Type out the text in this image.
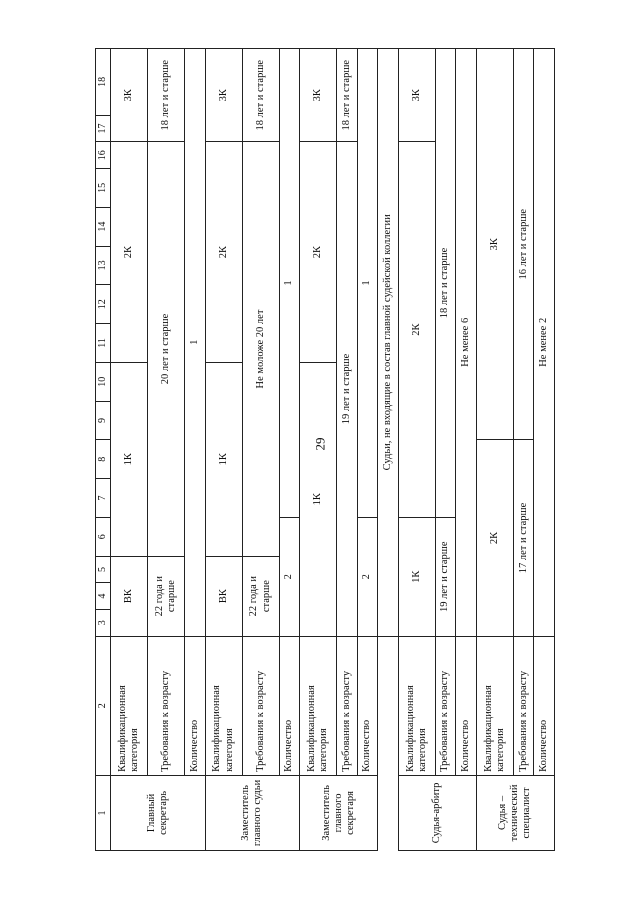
29
1	2	3	4	5	6	7	8	9	10	11	12	13	14	15	16	17	18
Главный секретарь	Квалификационная категория	ВК			1К					2К						3К	
	Требования к возрасту	22 года и старше			20 лет и старше											18 лет и старше	
	Количество	1															
Заместитель главного судьи	Квалификационная категория	ВК			1К					2К						3К	
	Требования к возрасту	22 года и старше			Не моложе 20 лет											18 лет и старше	
	Количество	2				1											
Заместитель главного секретаря	Квалификационная категория	1К								2К						3К	
	Требования к возрасту	19 лет и старше														18 лет и старше	
	Количество	2				1											
		Судьи, не входящие в состав главной судейской коллегии															
Судья-арбитр	Квалификационная категория	1К				2К										3К	
	Требования к возрасту	19 лет и старше				18 лет и старше											
	Количество	Не менее 6															
Судья – технический специалист	Квалификационная категория	2К						3К									
	Требования к возрасту	17 лет и старше						16 лет и старше									
	Количество	Не менее 2															
